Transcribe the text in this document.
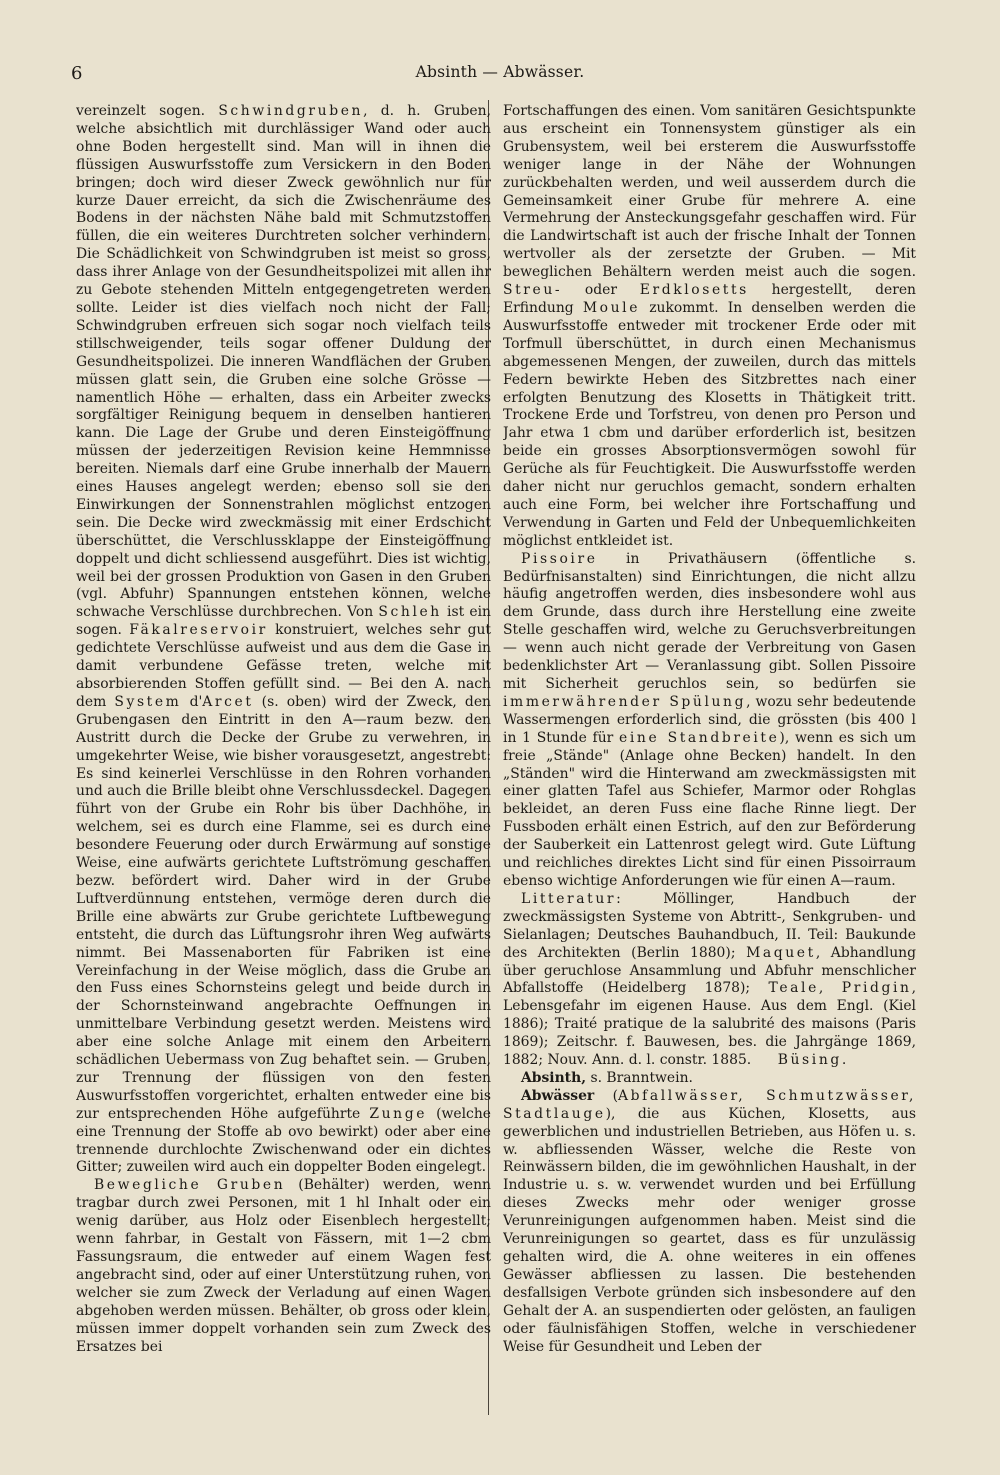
6	Absinth — Abwässer.

vereinzelt sogen. Schwindgruben, d. h. Gruben, welche absichtlich mit durchlässiger Wand oder auch ohne Boden hergestellt sind. Man will in ihnen die flüssigen Auswurfsstoffe zum Versickern in den Boden bringen; doch wird dieser Zweck gewöhnlich nur für kurze Dauer erreicht, da sich die Zwischenräume des Bodens in der nächsten Nähe bald mit Schmutzstoffen füllen, die ein weiteres Durchtreten solcher verhindern. Die Schädlichkeit von Schwindgruben ist meist so gross, dass ihrer Anlage von der Gesundheitspolizei mit allen ihr zu Gebote stehenden Mitteln entgegengetreten werden sollte. Leider ist dies vielfach noch nicht der Fall; Schwindgruben erfreuen sich sogar noch vielfach teils stillschweigender, teils sogar offener Duldung der Gesundheitspolizei. Die inneren Wandflächen der Gruben müssen glatt sein, die Gruben eine solche Grösse — namentlich Höhe — erhalten, dass ein Arbeiter zwecks sorgfältiger Reinigung bequem in denselben hantieren kann. Die Lage der Grube und deren Einsteigöffnung müssen der jederzeitigen Revision keine Hemmnisse bereiten. Niemals darf eine Grube innerhalb der Mauern eines Hauses angelegt werden; ebenso soll sie den Einwirkungen der Sonnenstrahlen möglichst entzogen sein. Die Decke wird zweckmässig mit einer Erdschicht überschüttet, die Verschlussklappe der Einsteigöffnung doppelt und dicht schliessend ausgeführt. Dies ist wichtig, weil bei der grossen Produktion von Gasen in den Gruben (vgl. Abfuhr) Spannungen entstehen können, welche schwache Verschlüsse durchbrechen. Von Schleh ist ein sogen. Fäkalreservoir konstruiert, welches sehr gut gedichtete Verschlüsse aufweist und aus dem die Gase in damit verbundene Gefässe treten, welche mit absorbierenden Stoffen gefüllt sind. — Bei den A. nach dem System d'Arcet (s. oben) wird der Zweck, den Grubengasen den Eintritt in den A—raum bezw. den Austritt durch die Decke der Grube zu verwehren, in umgekehrter Weise, wie bisher vorausgesetzt, angestrebt: Es sind keinerlei Verschlüsse in den Rohren vorhanden und auch die Brille bleibt ohne Verschlussdeckel. Dagegen führt von der Grube ein Rohr bis über Dachhöhe, in welchem, sei es durch eine Flamme, sei es durch eine besondere Feuerung oder durch Erwärmung auf sonstige Weise, eine aufwärts gerichtete Luftströmung geschaffen bezw. befördert wird. Daher wird in der Grube Luftverdünnung entstehen, vermöge deren durch die Brille eine abwärts zur Grube gerichtete Luftbewegung entsteht, die durch das Lüftungsrohr ihren Weg aufwärts nimmt. Bei Massenaborten für Fabriken ist eine Vereinfachung in der Weise möglich, dass die Grube an den Fuss eines Schornsteins gelegt und beide durch in der Schornsteinwand angebrachte Oeffnungen in unmittelbare Verbindung gesetzt werden. Meistens wird aber eine solche Anlage mit einem den Arbeitern schädlichen Uebermass von Zug behaftet sein. — Gruben, zur Trennung der flüssigen von den festen Auswurfsstoffen vorgerichtet, erhalten entweder eine bis zur entsprechenden Höhe aufgeführte Zunge (welche eine Trennung der Stoffe ab ovo bewirkt) oder aber eine trennende durchlochte Zwischenwand oder ein dichtes Gitter; zuweilen wird auch ein doppelter Boden eingelegt.

Bewegliche Gruben (Behälter) werden, wenn tragbar durch zwei Personen, mit 1 hl Inhalt oder ein wenig darüber, aus Holz oder Eisenblech hergestellt; wenn fahrbar, in Gestalt von Fässern, mit 1—2 cbm Fassungsraum, die entweder auf einem Wagen fest angebracht sind, oder auf einer Unterstützung ruhen, von welcher sie zum Zweck der Verladung auf einen Wagen abgehoben werden müssen. Behälter, ob gross oder klein, müssen immer doppelt vorhanden sein zum Zweck des Ersatzes bei

Fortschaffungen des einen. Vom sanitären Gesichtspunkte aus erscheint ein Tonnensystem günstiger als ein Grubensystem, weil bei ersterem die Auswurfsstoffe weniger lange in der Nähe der Wohnungen zurückbehalten werden, und weil ausserdem durch die Gemeinsamkeit einer Grube für mehrere A. eine Vermehrung der Ansteckungsgefahr geschaffen wird. Für die Landwirtschaft ist auch der frische Inhalt der Tonnen wertvoller als der zersetzte der Gruben. — Mit beweglichen Behältern werden meist auch die sogen. Streu- oder Erdklosetts hergestellt, deren Erfindung Moule zukommt. In denselben werden die Auswurfsstoffe entweder mit trockener Erde oder mit Torfmull überschüttet, in durch einen Mechanismus abgemessenen Mengen, der zuweilen, durch das mittels Federn bewirkte Heben des Sitzbrettes nach einer erfolgten Benutzung des Klosetts in Thätigkeit tritt. Trockene Erde und Torfstreu, von denen pro Person und Jahr etwa 1 cbm und darüber erforderlich ist, besitzen beide ein grosses Absorptionsvermögen sowohl für Gerüche als für Feuchtigkeit. Die Auswurfsstoffe werden daher nicht nur geruchlos gemacht, sondern erhalten auch eine Form, bei welcher ihre Fortschaffung und Verwendung in Garten und Feld der Unbequemlichkeiten möglichst entkleidet ist.

Pissoire in Privathäusern (öffentliche s. Bedürfnisanstalten) sind Einrichtungen, die nicht allzu häufig angetroffen werden, dies insbesondere wohl aus dem Grunde, dass durch ihre Herstellung eine zweite Stelle geschaffen wird, welche zu Geruchsverbreitungen — wenn auch nicht gerade der Verbreitung von Gasen bedenklichster Art — Veranlassung gibt. Sollen Pissoire mit Sicherheit geruchlos sein, so bedürfen sie immerwährender Spülung, wozu sehr bedeutende Wassermengen erforderlich sind, die grössten (bis 400 l in 1 Stunde für eine Standbreite), wenn es sich um freie „Stände" (Anlage ohne Becken) handelt. In den „Ständen" wird die Hinterwand am zweckmässigsten mit einer glatten Tafel aus Schiefer, Marmor oder Rohglas bekleidet, an deren Fuss eine flache Rinne liegt. Der Fussboden erhält einen Estrich, auf den zur Beförderung der Sauberkeit ein Lattenrost gelegt wird. Gute Lüftung und reichliches direktes Licht sind für einen Pissoirraum ebenso wichtige Anforderungen wie für einen A—raum.

Litteratur: Möllinger, Handbuch der zweckmässigsten Systeme von Abtritt-, Senkgruben- und Sielanlagen; Deutsches Bauhandbuch, II. Teil: Baukunde des Architekten (Berlin 1880); Maquet, Abhandlung über geruchlose Ansammlung und Abfuhr menschlicher Abfallstoffe (Heidelberg 1878); Teale, Pridgin, Lebensgefahr im eigenen Hause. Aus dem Engl. (Kiel 1886); Traité pratique de la salubrité des maisons (Paris 1869); Zeitschr. f. Bauwesen, bes. die Jahrgänge 1869, 1882; Nouv. Ann. d. l. constr. 1885. Büsing.

Absinth, s. Branntwein.

Abwässer (Abfallwässer, Schmutzwässer, Stadtlauge), die aus Küchen, Klosetts, aus gewerblichen und industriellen Betrieben, aus Höfen u. s. w. abfliessenden Wässer, welche die Reste von Reinwässern bilden, die im gewöhnlichen Haushalt, in der Industrie u. s. w. verwendet wurden und bei Erfüllung dieses Zwecks mehr oder weniger grosse Verunreinigungen aufgenommen haben. Meist sind die Verunreinigungen so geartet, dass es für unzulässig gehalten wird, die A. ohne weiteres in ein offenes Gewässer abfliessen zu lassen. Die bestehenden desfallsigen Verbote gründen sich insbesondere auf den Gehalt der A. an suspendierten oder gelösten, an fauligen oder fäulnisfähigen Stoffen, welche in verschiedener Weise für Gesundheit und Leben der
